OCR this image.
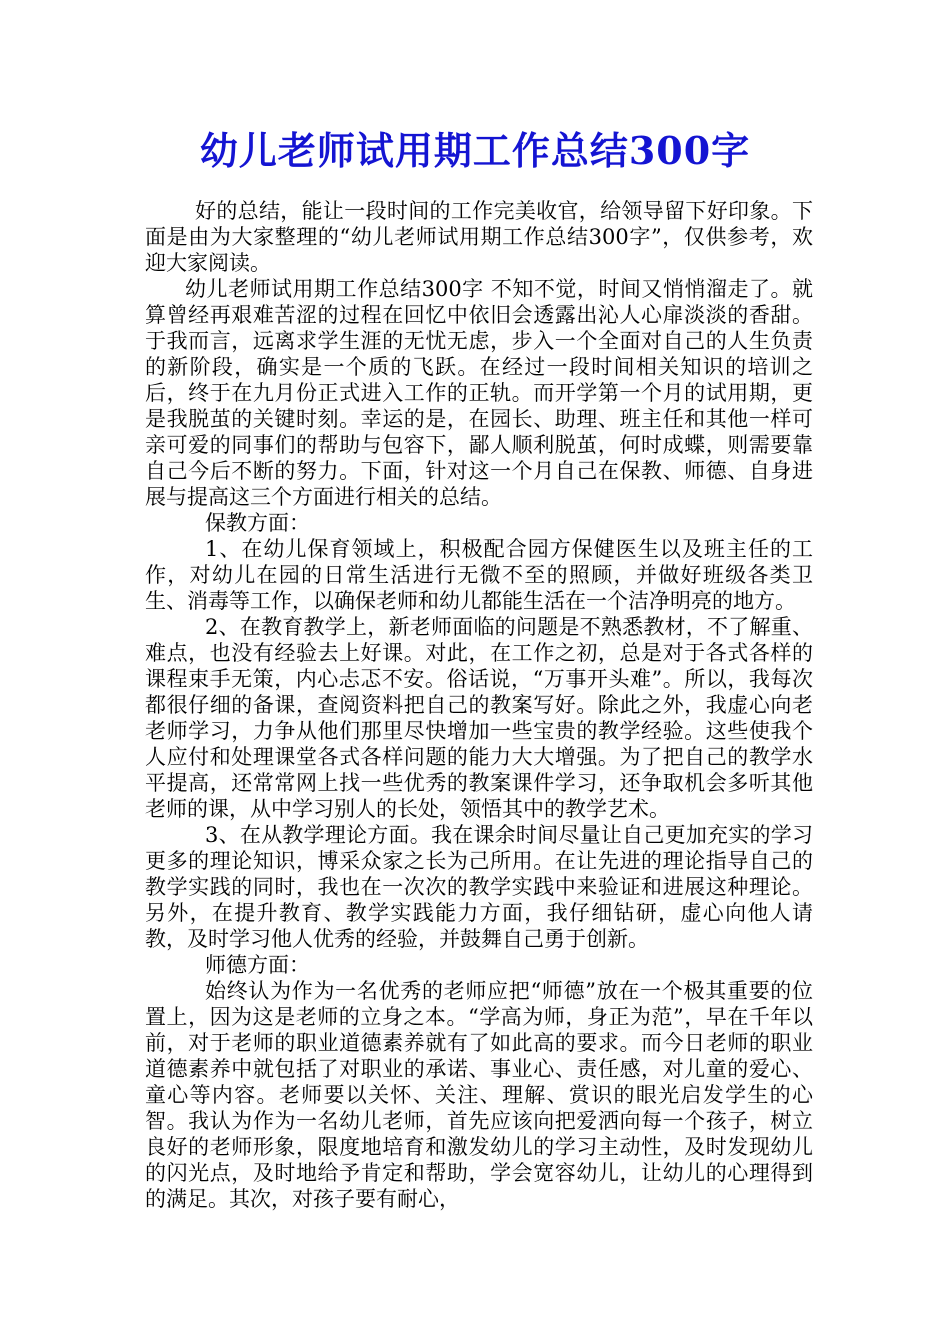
幼儿老师试用期工作总结300字

好的总结，能让一段时间的工作完美收官，给领导留下好印象。下面是由为大家整理的“幼儿老师试用期工作总结300字”，仅供参考，欢迎大家阅读。

幼儿老师试用期工作总结300字 不知不觉，时间又悄悄溜走了。就算曾经再艰难苦涩的过程在回忆中依旧会透露出沁人心扉淡淡的香甜。于我而言，远离求学生涯的无忧无虑，步入一个全面对自己的人生负责的新阶段，确实是一个质的飞跃。在经过一段时间相关知识的培训之后，终于在九月份正式进入工作的正轨。而开学第一个月的试用期，更是我脱茧的关键时刻。幸运的是，在园长、助理、班主任和其他一样可亲可爱的同事们的帮助与包容下，鄙人顺利脱茧，何时成蝶，则需要靠自己今后不断的努力。下面，针对这一个月自己在保教、师德、自身进展与提高这三个方面进行相关的总结。

保教方面：

1、在幼儿保育领域上，积极配合园方保健医生以及班主任的工作，对幼儿在园的日常生活进行无微不至的照顾，并做好班级各类卫生、消毒等工作，以确保老师和幼儿都能生活在一个洁净明亮的地方。

2、在教育教学上，新老师面临的问题是不熟悉教材，不了解重、难点，也没有经验去上好课。对此，在工作之初，总是对于各式各样的课程束手无策，内心忐忑不安。俗话说，“万事开头难”。所以，我每次都很仔细的备课，查阅资料把自己的教案写好。除此之外，我虚心向老老师学习，力争从他们那里尽快增加一些宝贵的教学经验。这些使我个人应付和处理课堂各式各样问题的能力大大增强。为了把自己的教学水平提高，还常常网上找一些优秀的教案课件学习，还争取机会多听其他老师的课，从中学习别人的长处，领悟其中的教学艺术。

3、在从教学理论方面。我在课余时间尽量让自己更加充实的学习更多的理论知识，博采众家之长为己所用。在让先进的理论指导自己的教学实践的同时，我也在一次次的教学实践中来验证和进展这种理论。另外，在提升教育、教学实践能力方面，我仔细钻研，虚心向他人请教，及时学习他人优秀的经验，并鼓舞自己勇于创新。

师德方面：

始终认为作为一名优秀的老师应把“师德”放在一个极其重要的位置上，因为这是老师的立身之本。“学高为师，身正为范”，早在千年以前，对于老师的职业道德素养就有了如此高的要求。而今日老师的职业道德素养中就包括了对职业的承诺、事业心、责任感，对儿童的爱心、童心等内容。老师要以关怀、关注、理解、赏识的眼光启发学生的心智。我认为作为一名幼儿老师，首先应该向把爱洒向每一个孩子，树立良好的老师形象，限度地培育和激发幼儿的学习主动性，及时发现幼儿的闪光点，及时地给予肯定和帮助，学会宽容幼儿，让幼儿的心理得到的满足。其次，对孩子要有耐心，
